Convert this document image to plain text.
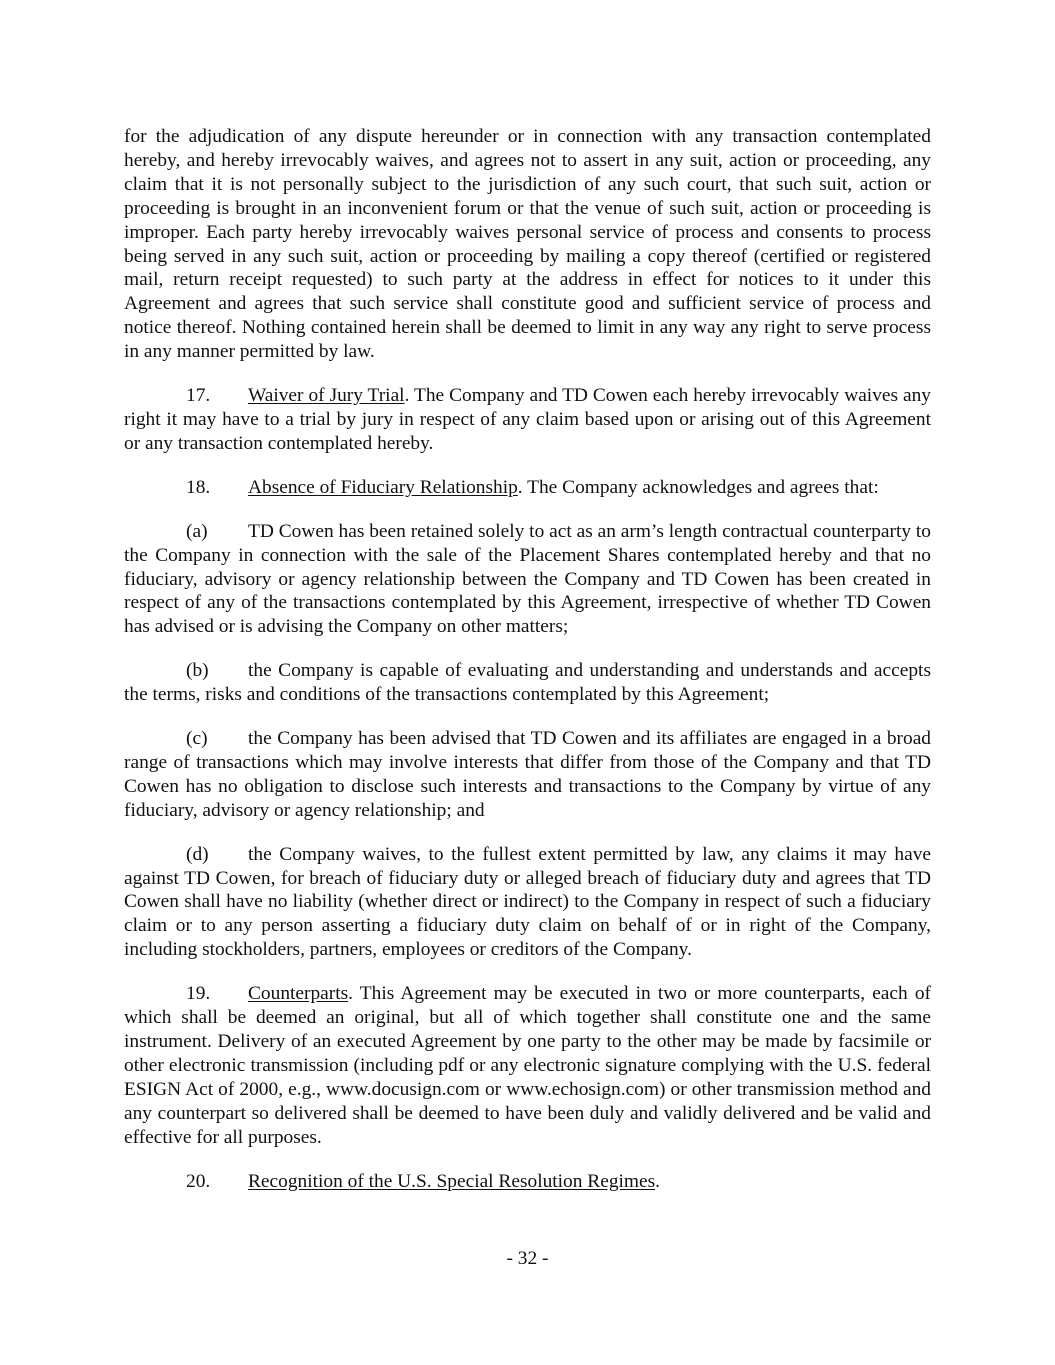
for the adjudication of any dispute hereunder or in connection with any transaction contemplated hereby, and hereby irrevocably waives, and agrees not to assert in any suit, action or proceeding, any claim that it is not personally subject to the jurisdiction of any such court, that such suit, action or proceeding is brought in an inconvenient forum or that the venue of such suit, action or proceeding is improper. Each party hereby irrevocably waives personal service of process and consents to process being served in any such suit, action or proceeding by mailing a copy thereof (certified or registered mail, return receipt requested) to such party at the address in effect for notices to it under this Agreement and agrees that such service shall constitute good and sufficient service of process and notice thereof. Nothing contained herein shall be deemed to limit in any way any right to serve process in any manner permitted by law.

17. Waiver of Jury Trial. The Company and TD Cowen each hereby irrevocably waives any right it may have to a trial by jury in respect of any claim based upon or arising out of this Agreement or any transaction contemplated hereby.

18. Absence of Fiduciary Relationship. The Company acknowledges and agrees that:

(a) TD Cowen has been retained solely to act as an arm’s length contractual counterparty to the Company in connection with the sale of the Placement Shares contemplated hereby and that no fiduciary, advisory or agency relationship between the Company and TD Cowen has been created in respect of any of the transactions contemplated by this Agreement, irrespective of whether TD Cowen has advised or is advising the Company on other matters;

(b) the Company is capable of evaluating and understanding and understands and accepts the terms, risks and conditions of the transactions contemplated by this Agreement;

(c) the Company has been advised that TD Cowen and its affiliates are engaged in a broad range of transactions which may involve interests that differ from those of the Company and that TD Cowen has no obligation to disclose such interests and transactions to the Company by virtue of any fiduciary, advisory or agency relationship; and

(d) the Company waives, to the fullest extent permitted by law, any claims it may have against TD Cowen, for breach of fiduciary duty or alleged breach of fiduciary duty and agrees that TD Cowen shall have no liability (whether direct or indirect) to the Company in respect of such a fiduciary claim or to any person asserting a fiduciary duty claim on behalf of or in right of the Company, including stockholders, partners, employees or creditors of the Company.

19. Counterparts. This Agreement may be executed in two or more counterparts, each of which shall be deemed an original, but all of which together shall constitute one and the same instrument. Delivery of an executed Agreement by one party to the other may be made by facsimile or other electronic transmission (including pdf or any electronic signature complying with the U.S. federal ESIGN Act of 2000, e.g., www.docusign.com or www.echosign.com) or other transmission method and any counterpart so delivered shall be deemed to have been duly and validly delivered and be valid and effective for all purposes.

20. Recognition of the U.S. Special Resolution Regimes.

- 32 -
